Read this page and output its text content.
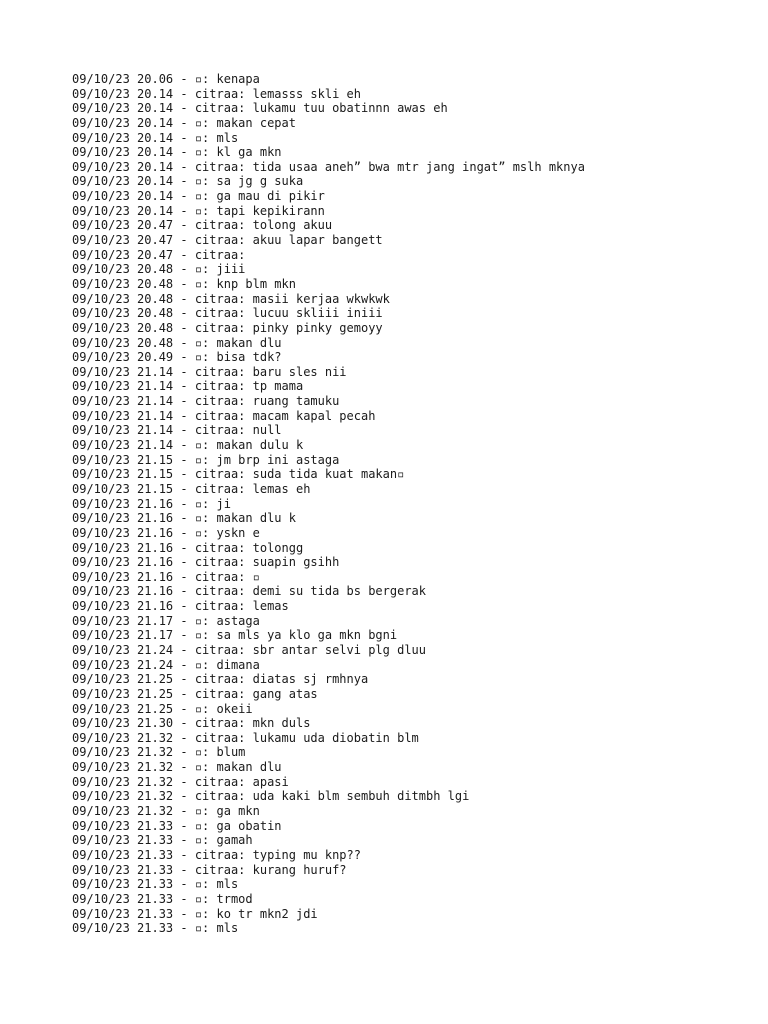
09/10/23 20.06 - ▫: kenapa
09/10/23 20.14 - citraa: lemasss skli eh
09/10/23 20.14 - citraa: lukamu tuu obatinnn awas eh
09/10/23 20.14 - ▫: makan cepat
09/10/23 20.14 - ▫: mls
09/10/23 20.14 - ▫: kl ga mkn
09/10/23 20.14 - citraa: tida usaa aneh” bwa mtr jang ingat” mslh mknya
09/10/23 20.14 - ▫: sa jg g suka
09/10/23 20.14 - ▫: ga mau di pikir
09/10/23 20.14 - ▫: tapi kepikirann
09/10/23 20.47 - citraa: tolong akuu
09/10/23 20.47 - citraa: akuu lapar bangett
09/10/23 20.47 - citraa:
09/10/23 20.48 - ▫: jiii
09/10/23 20.48 - ▫: knp blm mkn
09/10/23 20.48 - citraa: masii kerjaa wkwkwk
09/10/23 20.48 - citraa: lucuu skliii iniii
09/10/23 20.48 - citraa: pinky pinky gemoyy
09/10/23 20.48 - ▫: makan dlu
09/10/23 20.49 - ▫: bisa tdk?
09/10/23 21.14 - citraa: baru sles nii
09/10/23 21.14 - citraa: tp mama
09/10/23 21.14 - citraa: ruang tamuku
09/10/23 21.14 - citraa: macam kapal pecah
09/10/23 21.14 - citraa: null
09/10/23 21.14 - ▫: makan dulu k
09/10/23 21.15 - ▫: jm brp ini astaga
09/10/23 21.15 - citraa: suda tida kuat makan▫
09/10/23 21.15 - citraa: lemas eh
09/10/23 21.16 - ▫: ji
09/10/23 21.16 - ▫: makan dlu k
09/10/23 21.16 - ▫: yskn e
09/10/23 21.16 - citraa: tolongg
09/10/23 21.16 - citraa: suapin gsihh
09/10/23 21.16 - citraa: ▫
09/10/23 21.16 - citraa: demi su tida bs bergerak
09/10/23 21.16 - citraa: lemas
09/10/23 21.17 - ▫: astaga
09/10/23 21.17 - ▫: sa mls ya klo ga mkn bgni
09/10/23 21.24 - citraa: sbr antar selvi plg dluu
09/10/23 21.24 - ▫: dimana
09/10/23 21.25 - citraa: diatas sj rmhnya
09/10/23 21.25 - citraa: gang atas
09/10/23 21.25 - ▫: okeii
09/10/23 21.30 - citraa: mkn duls
09/10/23 21.32 - citraa: lukamu uda diobatin blm
09/10/23 21.32 - ▫: blum
09/10/23 21.32 - ▫: makan dlu
09/10/23 21.32 - citraa: apasi
09/10/23 21.32 - citraa: uda kaki blm sembuh ditmbh lgi
09/10/23 21.32 - ▫: ga mkn
09/10/23 21.33 - ▫: ga obatin
09/10/23 21.33 - ▫: gamah
09/10/23 21.33 - citraa: typing mu knp??
09/10/23 21.33 - citraa: kurang huruf?
09/10/23 21.33 - ▫: mls
09/10/23 21.33 - ▫: trmod
09/10/23 21.33 - ▫: ko tr mkn2 jdi
09/10/23 21.33 - ▫: mls
